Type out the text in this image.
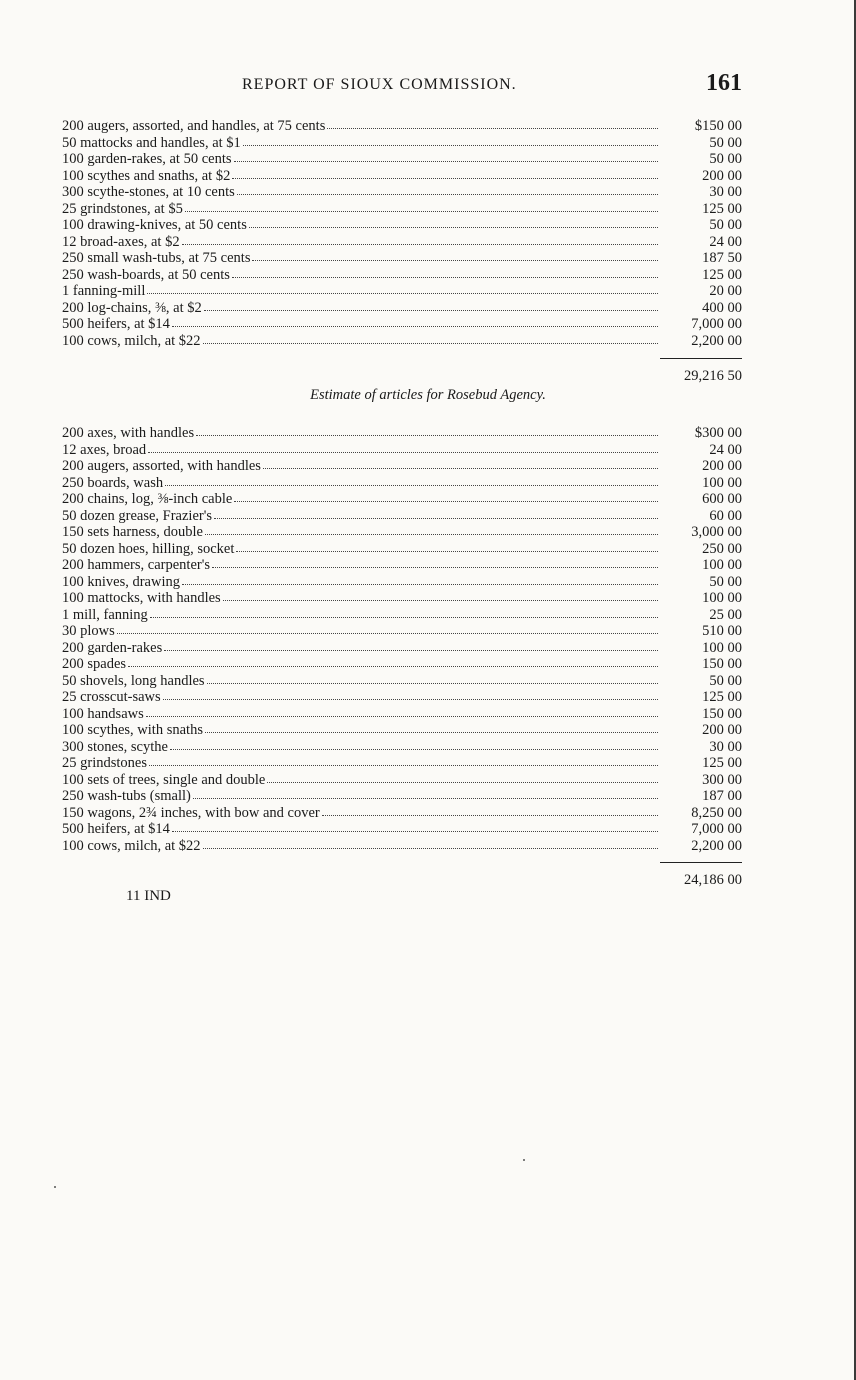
REPORT OF SIOUX COMMISSION.	161
200 augers, assorted, and handles, at 75 cents	$150 00
50 mattocks and handles, at $1	50 00
100 garden-rakes, at 50 cents	50 00
100 scythes and snaths, at $2	200 00
300 scythe-stones, at 10 cents	30 00
25 grindstones, at $5	125 00
100 drawing-knives, at 50 cents	50 00
12 broad-axes, at $2	24 00
250 small wash-tubs, at 75 cents	187 50
250 wash-boards, at 50 cents	125 00
1 fanning-mill	20 00
200 log-chains, ⅜, at $2	400 00
500 heifers, at $14	7,000 00
100 cows, milch, at $22	2,200 00
29,216 50
Estimate of articles for Rosebud Agency.
200 axes, with handles	$300 00
12 axes, broad	24 00
200 augers, assorted, with handles	200 00
250 boards, wash	100 00
200 chains, log, ⅜-inch cable	600 00
50 dozen grease, Frazier's	60 00
150 sets harness, double	3,000 00
50 dozen hoes, hilling, socket	250 00
200 hammers, carpenter's	100 00
100 knives, drawing	50 00
100 mattocks, with handles	100 00
1 mill, fanning	25 00
30 plows	510 00
200 garden-rakes	100 00
200 spades	150 00
50 shovels, long handles	50 00
25 crosscut-saws	125 00
100 handsaws	150 00
100 scythes, with snaths	200 00
300 stones, scythe	30 00
25 grindstones	125 00
100 sets of trees, single and double	300 00
250 wash-tubs (small)	187 00
150 wagons, 2¾ inches, with bow and cover	8,250 00
500 heifers, at $14	7,000 00
100 cows, milch, at $22	2,200 00
24,186 00
11 IND
